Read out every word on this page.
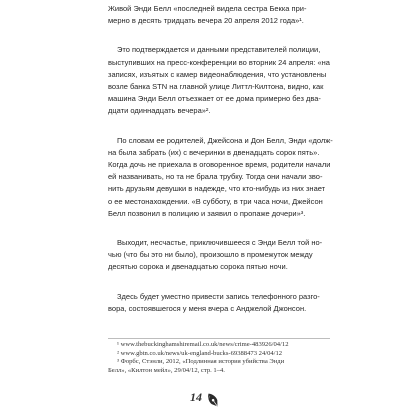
Живой Энди Белл «последней видела сестра Бекка при-
мерно в десять тридцать вечера 20 апреля 2012 года»¹.

Это подтверждается и данными представителей полиции,
выступивших на пресс-конференции во вторник 24 апреля: «на
записях, изъятых с камер видеонаблюдения, что установлены
возле банка STN на главной улице Литтл-Килтона, видно, как
машина Энди Белл отъезжает от ее дома примерно без два-
дцати одиннадцать вечера»².

По словам ее родителей, Джейсона и Дон Белл, Энди «долж-
на была забрать (их) с вечеринки в двенадцать сорок пять».
Когда дочь не приехала в оговоренное время, родители начали
ей названивать, но та не брала трубку. Тогда они начали зво-
нить друзьям девушки в надежде, что кто-нибудь из них знает
о ее местонахождении. «В субботу, в три часа ночи, Джейсон
Белл позвонил в полицию и заявил о пропаже дочери»³.

Выходит, несчастье, приключившееся с Энди Белл той но-
чью (что бы это ни было), произошло в промежуток между
десятью сорока и двенадцатью сорока пятью ночи.

Здесь будет уместно привести запись телефонного разго-
вора, состоявшегося у меня вчера с Анджелой Джонсон.

¹ www.thebuckinghamshiremail.co.uk/news/crime-483926/04/12

² www.gbtn.co.uk/news/uk-england-bucks-69388473 24/04/12

³ Форбс, Стэнли, 2012, «Подлинная история убийства Энди
Белл», «Килтон мейл», 29/04/12, стр. 1–4.

14
